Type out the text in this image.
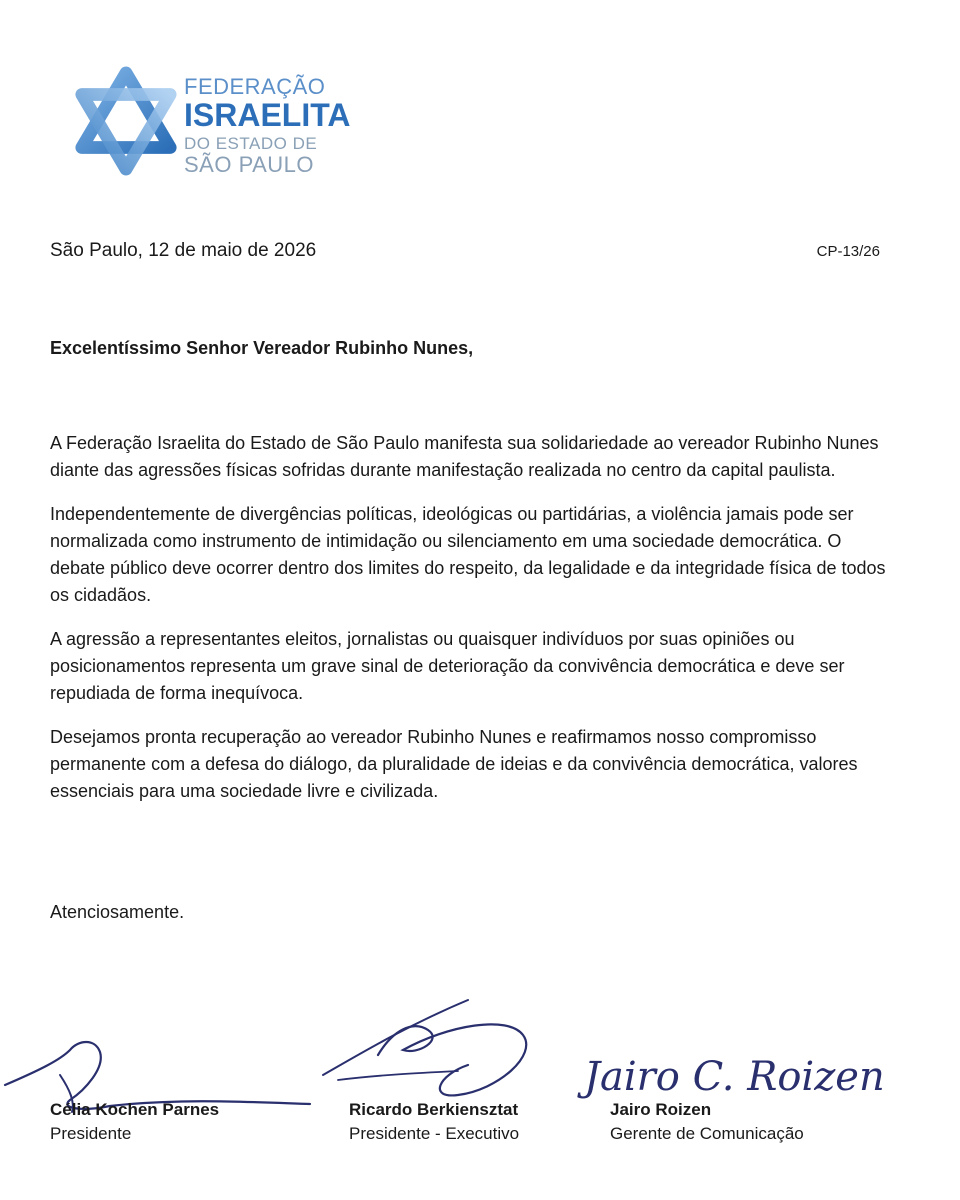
FEDERAÇÃO
ISRAELITA
DO ESTADO DE
SÃO PAULO
São Paulo, 12 de maio de 2026	CP-13/26
Excelentíssimo Senhor Vereador Rubinho Nunes,

A Federação Israelita do Estado de São Paulo manifesta sua solidariedade ao vereador Rubinho Nunes diante das agressões físicas sofridas durante manifestação realizada no centro da capital paulista.

Independentemente de divergências políticas, ideológicas ou partidárias, a violência jamais pode ser normalizada como instrumento de intimidação ou silenciamento em uma sociedade democrática. O debate público deve ocorrer dentro dos limites do respeito, da legalidade e da integridade física de todos os cidadãos.

A agressão a representantes eleitos, jornalistas ou quaisquer indivíduos por suas opiniões ou posicionamentos representa um grave sinal de deterioração da convivência democrática e deve ser repudiada de forma inequívoca.

Desejamos pronta recuperação ao vereador Rubinho Nunes e reafirmamos nosso compromisso permanente com a defesa do diálogo, da pluralidade de ideias e da convivência democrática, valores essenciais para uma sociedade livre e civilizada.

Atenciosamente.
Jairo C. Roizen
Célia Kochen Parnes
Presidente
Ricardo Berkiensztat
Presidente - Executivo
Jairo Roizen
Gerente de Comunicação
